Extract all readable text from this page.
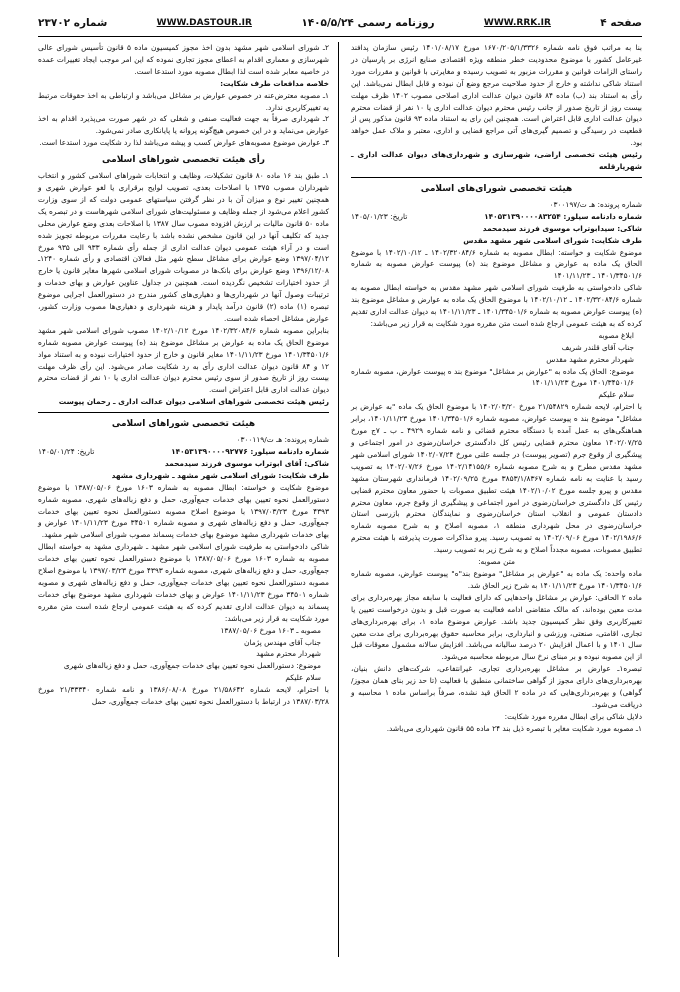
صفحه ۴
WWW.RRK.IR
روزنامه رسمی ۱۴۰۵/۵/۲۴
WWW.DASTOUR.IR
شماره ۲۳۷۰۲

بنا به مراتب فوق نامه شماره ۱۶۷۰/۲۰۵/۱/۳۳۲۶ مورخ ۱۴۰۱/۰۸/۱۷ رئیس سازمان پدافند غیرعامل کشور با موضوع محدودیت خطر منطقه ویژه اقتصادی صنایع انرژی بر پارسیان در راستای الزامات قوانین و مقررات مزبور به تصویب رسیده و مغایرتی با قوانین و مقررات مورد استناد شاکی نداشته و خارج از حدود صلاحیت مرجع وضع آن نبوده و قابل ابطال نمی‌باشد. این رأی به استناد بند (ب) ماده ۸۴ قانون دیوان عدالت اداری اصلاحی مصوب ۱۴۰۲ ظرف مهلت بیست روز از تاریخ صدور از جانب رئیس محترم دیوان عدالت اداری یا ۱۰ نفر از قضات محترم دیوان عدالت اداری قابل اعتراض است. همچنین این رای به استناد ماده ۹۳ قانون مذکور پس از قطعیت در رسیدگی و تصمیم گیری‌های آتی مراجع قضایی و اداری، معتبر و ملاک عمل خواهد بود.

رئیس هیئت تخصصی اراضی، شهرسازی و شهرداری‌های دیوان عدالت اداری ـ شهریارقلعه

هیئت تخصصی شورای‌های اسلامی

شماره پرونده: هـ ت/۰۳۰۰۱۹۷

شماره دادنامه سیلور: ۱۴۰۵۳۱۳۹۰۰۰۰۸۳۲۵۴
تاریخ: ۱۴۰۵/۰۱/۲۳

شاکی: سیدابوتراب موسوی فرزند سیدمحمد

طرف شکایت: شورای اسلامی شهر مشهد مقدس

موضوع شکایت و خواسته: ابطال مصوبه به شماره ۱۴۰۲/۳۲۰۸۴/۶ ـ ۱۴۰۲/۱۰/۱۲ با موضوع الحاق یک ماده به عوارض و مشاغل موضوع بند (ه) پیوست عوارض مصوبه به شماره ۱۴۰۱/۳۴۵۰۱/۶ ـ ۱۴۰۱/۱۱/۲۳

شاکی دادخواستی به طرفیت شورای اسلامی شهر مشهد مقدس به خواسته ابطال مصوبه به شماره ۱۴۰۲/۳۲۰۸۴/۶ ـ ۱۴۰۲/۱۰/۱۲ با موضوع الحاق یک ماده به عوارض و مشاغل موضوع بند (ه) پیوست عوارض مصوبه به شماره ۱۴۰۱/۳۴۵۰۱/۶ ـ ۱۴۰۱/۱۱/۲۳ به دیوان عدالت اداری تقدیم کرده که به هیئت عمومی ارجاع شده است متن مقرره مورد شکایت به قرار زیر می‌باشد:

ابلاغ مصوبه

جناب آقای قلندر شریف

شهردار محترم مشهد مقدس

موضوع: الحاق یک ماده به "عوارض بر مشاغل" موضوع بند ه پیوست عوارض، مصوبه شماره ۱۴۰۱/۳۴۵۰۱/۶ مورخ ۱۴۰۱/۱۱/۲۳

سلام علیکم

با احترام، لایحه شماره ۲۱/۵۴۸۲۹ مورخ ۱۴۰۲/۰۳/۲۰ با موضوع الحاق یک ماده "به عوارض بر مشاغل" موضوع بند ه پیوست عوارض، مصوبه شماره ۱۴۰۱/۳۴۵۰۱/۶ مورخ ۱۴۰۱/۱۱/۲۳، برابر هماهنگی‌های به عمل آمده با دستگاه محترم قضائی و نامه شماره ۴۹۲۹ ـ ب ـ ۷ج مورخ ۱۴۰۲/۰۷/۲۵ معاون محترم قضایی رئیس کل دادگستری خراسان‌رضوی در امور اجتماعی و پیشگیری از وقوع جرم (تصویر پیوست) در جلسه علنی مورخ ۱۴۰۲/۰۷/۲۴ شورای اسلامی شهر مشهد مقدس مطرح و به شرح مصوبه شماره ۱۴۰۲/۱۴۱۵۵/۶ مورخ ۱۴۰۲/۰۷/۲۶ به تصویب رسید با عنایت به نامه شماره ۳۸۵۳/۱/۸۳۶۷ مورخ ۱۴۰۲/۰۹/۲۵ فرمانداری شهرستان مشهد مقدس و پیرو جلسه مورخ ۱۴۰۲/۱۰/۰۲ هیئت تطبیق مصوبات با حضور معاون محترم قضایی رئیس کل دادگستری خراسان‌رضوی در امور اجتماعی و پیشگیری از وقوع جرم، معاون محترم دادستان عمومی و انقلاب استان خراسان‌رضوی و نمایندگان محترم بازرسی استان خراسان‌رضوی در محل شهرداری منطقه ۱، مصوبه اصلاح و به شرح مصوبه شماره ۱۴۰۲/۱۹۸۶/۶ مورخ ۱۴۰۲/۰۹/۰۶ به تصویب رسید. پیرو مذاکرات صورت پذیرفته با هیئت محترم تطبیق مصوبات، مصوبه مجدداً اصلاح و به شرح زیر به تصویب رسید.

متن مصوبه:

ماده واحده: یک ماده به "عوارض بر مشاغل" موضوع بند"ه" پیوست عوارض، مصوبه شماره ۱۴۰۱/۳۴۵۰۱/۶ مورخ ۱۴۰۱/۱۱/۲۳ به شرح زیر الحاق شد.

ماده ۲ الحاقی: عوارض بر مشاغل واحدهایی که دارای فعالیت با سابقه مجاز بهره‌برداری برای مدت معین بوده‌اند، که مالک متقاضی ادامه فعالیت به صورت قبل و بدون درخواست تعیین یا تغییرکاربری وفق نظر کمیسیون جدید باشد. عوارض موضوع ماده ۱، برای بهره‌برداری‌های تجاری، اقامتی، صنعتی، ورزشی و انبارداری، برابر محاسبه حقوق بهره‌برداری برای مدت معین سال ۱۴۰۱ و با اعمال افزایش ۲۰ درصد سالیانه می‌باشد. افزایش سالانه مشمول معوقات قبل از این مصوبه نبوده و بر مبنای نرخ سال مربوطه محاسبه می‌شود.

تبصره۱ـ عوارض بر مشاغل بهره‌برداری تجاری، غیرانتفاعی، شرکت‌های دانش بنیان، بهره‌برداری‌های دارای مجوز از گواهی ساختمانی منطبق با فعالیت (تا حد زیر بنای همان مجوز/گواهی) و بهره‌برداری‌هایی که در ماده ۲ الحاق قید نشده، صرفاً براساس ماده ۱ محاسبه و دریافت می‌شود.

دلایل شاکی برای ابطال مقرره مورد شکایت:

۱ـ مصوبه مورد شکایت مغایر با تبصره ذیل بند ۲۴ ماده ۵۵ قانون شهرداری می‌باشد.

۲ـ شورای اسلامی شهر مشهد بدون اخذ مجوز کمیسیون ماده ۵ قانون تأسیس شورای عالی شهرسازی و معماری اقدام به اعطای مجوز تجاری نموده که این امر موجب ایجاد تغییرات عمده در خاصیه معابر شده است لذا ابطال مصوبه مورد استدعا است.

خلاصه مدافعات طرف شکایت:

۱ـ مصوبه معترض‌عنه در خصوص عوارض بر مشاغل می‌باشد و ارتباطی به اخذ حقوقات مرتبط به تغییرکاربری ندارد.

۲ـ شهرداری صرفاً به جهت فعالیت صنفی و شغلی که در شهر صورت می‌پذیرد اقدام به اخذ عوارض می‌نماید و در این خصوص هیچ‌گونه پروانه یا پایانکاری صادر نمی‌شود.

۳ـ عوارض موضوع مصوبه‌های عوارض کسب و پیشه می‌باشد لذا رد شکایت مورد استدعا است.

رأی هیئت تخصصی شوراهای اسلامی

۱ـ طبق بند ۱۶ ماده ۸۰ قانون تشکیلات، وظایف و انتخابات شوراهای اسلامی کشور و انتخاب شهرداران مصوب ۱۳۷۵ با اصلاحات بعدی، تصویب لوایح برقراری یا لغو عوارض شهری و همچنین تغییر نوع و میزان آن با در نظر گرفتن سیاستهای عمومی دولت که از سوی وزارت کشور اعلام می‌شود از جمله وظایف و مسئولیت‌های شورای اسلامی شهرهاست و در تبصره یک ماده ۵۰ قانون مالیات بر ارزش افزوده مصوب سال ۱۳۸۷ با اصلاحات بعدی وضع عوارض محلی جدید که تکلیف آنها در این قانون مشخص نشده باشد با رعایت مقررات مربوطه تجویز شده است و در آراء هیئت عمومی دیوان عدالت اداری از جمله رأی شماره ۹۳۳ الی ۹۳۵ مورخ ۱۳۹۷/۰۴/۱۲ وضع عوارض برای مشاغل سطح شهر مثل فعالان اقتصادی و رأی شماره ۱۲۴۰ـ ۱۳۹۶/۱۲/۰۸ وضع عوارض برای بانک‌ها در مصوبات شورای اسلامی شهرها مغایر قانون یا خارج از حدود اختیارات تشخیص نگردیده است. همچنین در جداول عناوین عوارض و بهای خدمات و ترتیبات وصول آنها در شهرداری‌ها و دهیاری‌های کشور مندرج در دستورالعمل اجرایی موضوع تبصره (۱) ماده (۲) قانون درآمد پایدار و هزینه شهرداری و دهیاری‌ها مصوب وزارت کشور، عوارض مشاغل احصاء شده است.

بنابراین مصوبه شماره ۱۴۰۲/۳۲۰۸۴/۶ مورخ ۱۴۰۲/۱۰/۱۲ مصوب شورای اسلامی شهر مشهد موضوع الحاق یک ماده به عوارض بر مشاغل موضوع بند (ه) پیوست عوارض مصوبه شماره ۱۴۰۱/۳۴۵۰۱/۶ مورخ ۱۴۰۱/۱۱/۲۳ مغایر قانون و خارج از حدود اختیارات نبوده و به استناد مواد ۱۲ و ۸۴ قانون دیوان عدالت اداری رأی به رد شکایت صادر می‌شود. این رأی ظرف مهلت بیست روز از تاریخ صدور از سوی رئیس محترم دیوان عدالت اداری یا ۱۰ نفر از قضات محترم دیوان عدالت اداری قابل اعتراض است.

رئیس هیئت تخصصی شوراهای اسلامی دیوان عدالت اداری ـ رحمان پیوست

هیئت تخصصی شوراهای اسلامی

شماره پرونده: هـ ت/۰۳۰۰۱۱۹

شماره دادنامه سیلور: ۱۴۰۵۳۱۳۹۰۰۰۰۹۲۷۷۶
تاریخ: ۱۴۰۵/۰۱/۲۴

شاکی: آقای ابوتراب موسوی فرزند سیدمحمد

طرف شکایت: شورای اسلامی شهر مشهد ـ شهرداری مشهد

موضوع شکایت و خواسته: ابطال مصوبه به شماره ۱۶۰۳ مورخ ۱۳۸۷/۰۵/۰۶ با موضوع دستورالعمل نحوه تعیین بهای خدمات جمع‌آوری، حمل و دفع زباله‌های شهری، مصوبه شماره ۴۳۹۳ مورخ ۱۳۹۷/۰۳/۲۳ با موضوع اصلاح مصوبه دستورالعمل نحوه تعیین بهای خدمات جمع‌آوری، حمل و دفع زباله‌های شهری و مصوبه شماره ۳۴۵۰۱ مورخ ۱۴۰۱/۱۱/۲۳ عوارض و بهای خدمات شهرداری مشهد موضوع بهای خدمات پسماند مصوب شورای اسلامی شهر مشهد.

شاکی دادخواستی به طرفیت شورای اسلامی شهر مشهد ـ شهرداری مشهد به خواسته ابطال مصوبه به شماره ۱۶۰۳ مورخ ۱۳۸۷/۰۵/۰۶ با موضوع دستورالعمل نحوه تعیین بهای خدمات جمع‌آوری، حمل و دفع زباله‌های شهری، مصوبه شماره ۴۳۹۳ مورخ ۱۳۹۷/۰۳/۲۳ با موضوع اصلاح مصوبه دستورالعمل نحوه تعیین بهای خدمات جمع‌آوری، حمل و دفع زباله‌های شهری و مصوبه شماره ۳۴۵۰۱ مورخ ۱۴۰۱/۱۱/۲۳ عوارض و بهای خدمات شهرداری مشهد موضوع بهای خدمات پسماند به دیوان عدالت اداری تقدیم کرده که به هیئت عمومی ارجاع شده است متن مقرره مورد شکایت به قرار زیر می‌باشد:

مصوبه ـ ۱۶۰۳ مورخ ۱۳۸۷/۰۵/۰۶

جناب آقای مهندس پژمان

شهردار محترم مشهد

موضوع: دستورالعمل نحوه تعیین بهای خدمات جمع‌آوری، حمل و دفع زباله‌های شهری

سلام علیکم

با احترام، لایحه شماره ۲۱/۵۸۶۴۲ مورخ ۱۳۸۶/۰۸/۰۸ و نامه شماره ۲۱/۳۳۳۴۰ مورخ ۱۳۸۷/۰۳/۲۸ در ارتباط با دستورالعمل نحوه تعیین بهای خدمات جمع‌آوری، حمل
